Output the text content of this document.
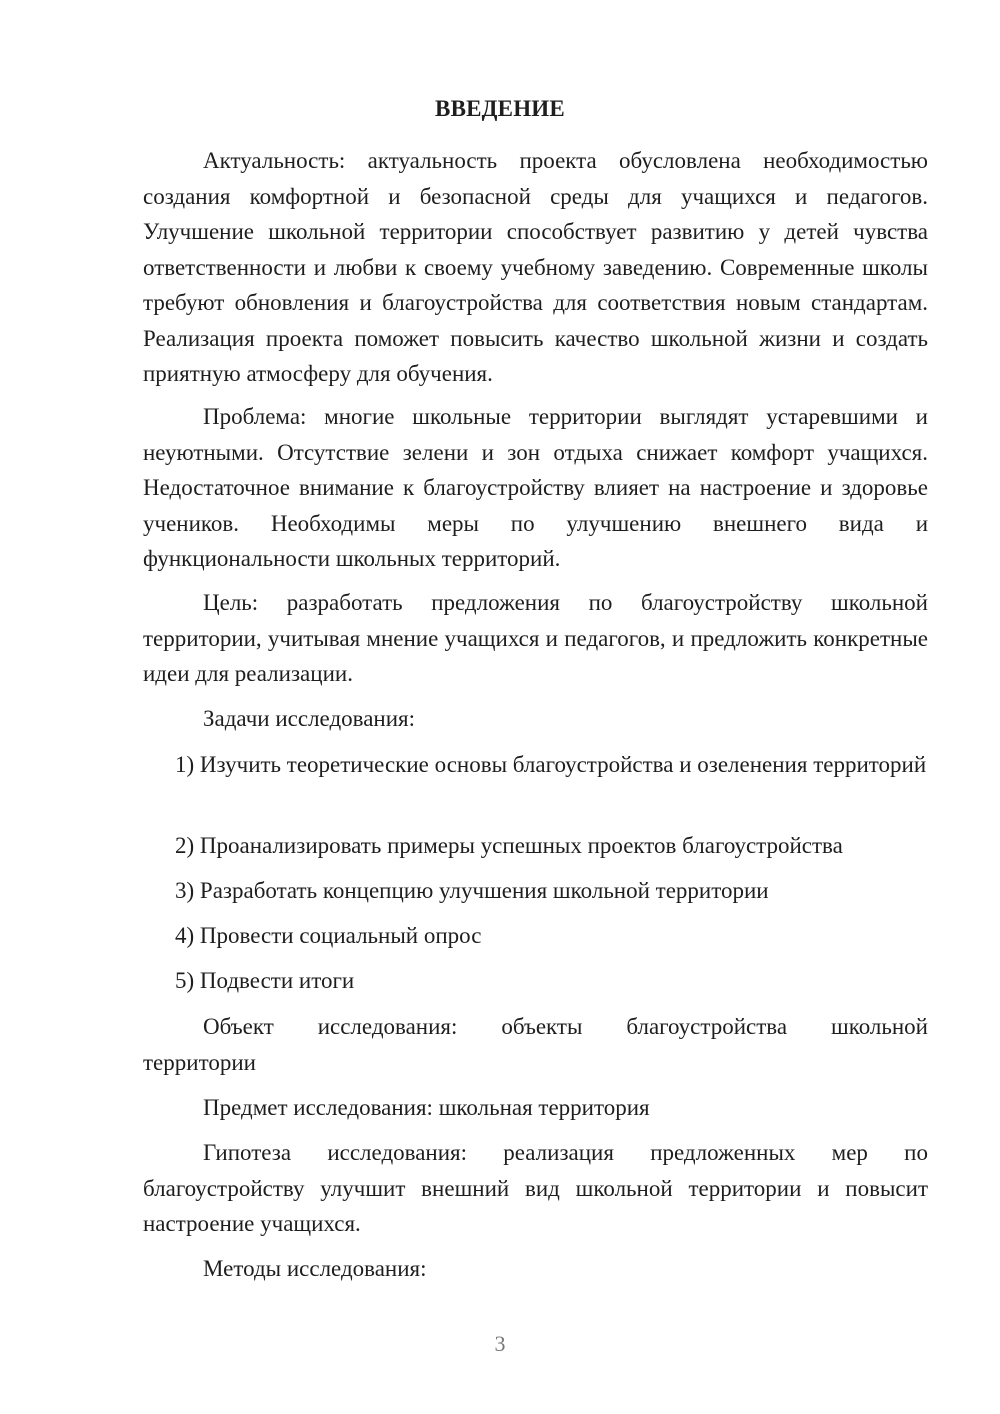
ВВЕДЕНИЕ

Актуальность: актуальность проекта обусловлена необходимостью создания комфортной и безопасной среды для учащихся и педагогов. Улучшение школьной территории способствует развитию у детей чувства ответственности и любви к своему учебному заведению. Современные школы требуют обновления и благоустройства для соответствия новым стандартам. Реализация проекта поможет повысить качество школьной жизни и создать приятную атмосферу для обучения.

Проблема: многие школьные территории выглядят устаревшими и неуютными. Отсутствие зелени и зон отдыха снижает комфорт учащихся. Недостаточное внимание к благоустройству влияет на настроение и здоровье учеников. Необходимы меры по улучшению внешнего вида и функциональности школьных территорий.

Цель: разработать предложения по благоустройству школьной территории, учитывая мнение учащихся и педагогов, и предложить конкретные идеи для реализации.

Задачи исследования:

1) Изучить теоретические основы благоустройства и озеленения территорий

2) Проанализировать примеры успешных проектов благоустройства

3) Разработать концепцию улучшения школьной территории

4) Провести социальный опрос

5) Подвести итоги

Объект исследования: объекты благоустройства школьной территории

Предмет исследования: школьная территория

Гипотеза исследования: реализация предложенных мер по благоустройству улучшит внешний вид школьной территории и повысит настроение учащихся.

Методы исследования:

3
